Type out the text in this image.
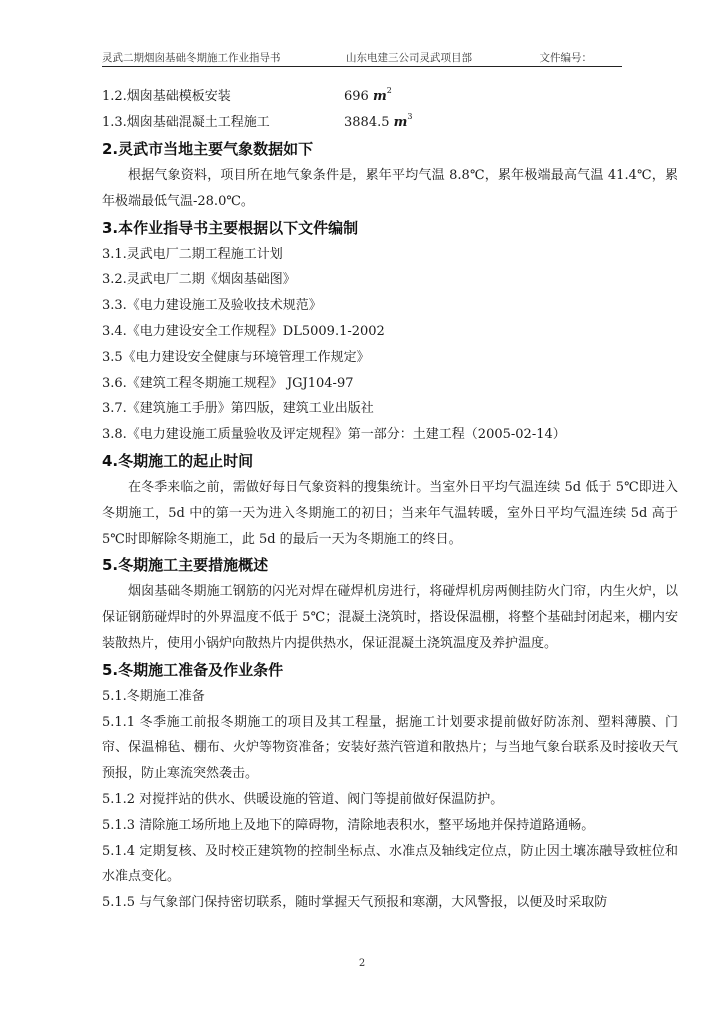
灵武二期烟囱基础冬期施工作业指导书	山东电建三公司灵武项目部	文件编号：
1.2.烟囱基础模板安装	696 $m^2$
1.3.烟囱基础混凝土工程施工	3884.5 $m^3$
2.灵武市当地主要气象数据如下

根据气象资料，项目所在地气象条件是，累年平均气温 8.8℃，累年极端最高气温 41.4℃，累年极端最低气温-28.0℃。

3.本作业指导书主要根据以下文件编制
3.1.灵武电厂二期工程施工计划
3.2.灵武电厂二期《烟囱基础图》
3.3.《电力建设施工及验收技术规范》
3.4.《电力建设安全工作规程》DL5009.1-2002
3.5《电力建设安全健康与环境管理工作规定》
3.6.《建筑工程冬期施工规程》 JGJ104-97
3.7.《建筑施工手册》第四版，建筑工业出版社
3.8.《电力建设施工质量验收及评定规程》第一部分：土建工程（2005-02-14）
4.冬期施工的起止时间

在冬季来临之前，需做好每日气象资料的搜集统计。当室外日平均气温连续 5d 低于 5℃即进入冬期施工，5d 中的第一天为进入冬期施工的初日；当来年气温转暖，室外日平均气温连续 5d 高于 5℃时即解除冬期施工，此 5d 的最后一天为冬期施工的终日。

5.冬期施工主要措施概述

烟囱基础冬期施工钢筋的闪光对焊在碰焊机房进行，将碰焊机房两侧挂防火门帘，内生火炉，以保证钢筋碰焊时的外界温度不低于 5℃；混凝土浇筑时，搭设保温棚，将整个基础封闭起来，棚内安装散热片，使用小锅炉向散热片内提供热水，保证混凝土浇筑温度及养护温度。

5.冬期施工准备及作业条件
5.1.冬期施工准备

5.1.1 冬季施工前报冬期施工的项目及其工程量，据施工计划要求提前做好防冻剂、塑料薄膜、门帘、保温棉毡、棚布、火炉等物资准备；安装好蒸汽管道和散热片；与当地气象台联系及时接收天气预报，防止寒流突然袭击。

5.1.2 对搅拌站的供水、供暖设施的管道、阀门等提前做好保温防护。

5.1.3 清除施工场所地上及地下的障碍物，清除地表积水，整平场地并保持道路通畅。

5.1.4 定期复核、及时校正建筑物的控制坐标点、水准点及轴线定位点，防止因土壤冻融导致桩位和水准点变化。

5.1.5 与气象部门保持密切联系，随时掌握天气预报和寒潮，大风警报，以便及时采取防

2
